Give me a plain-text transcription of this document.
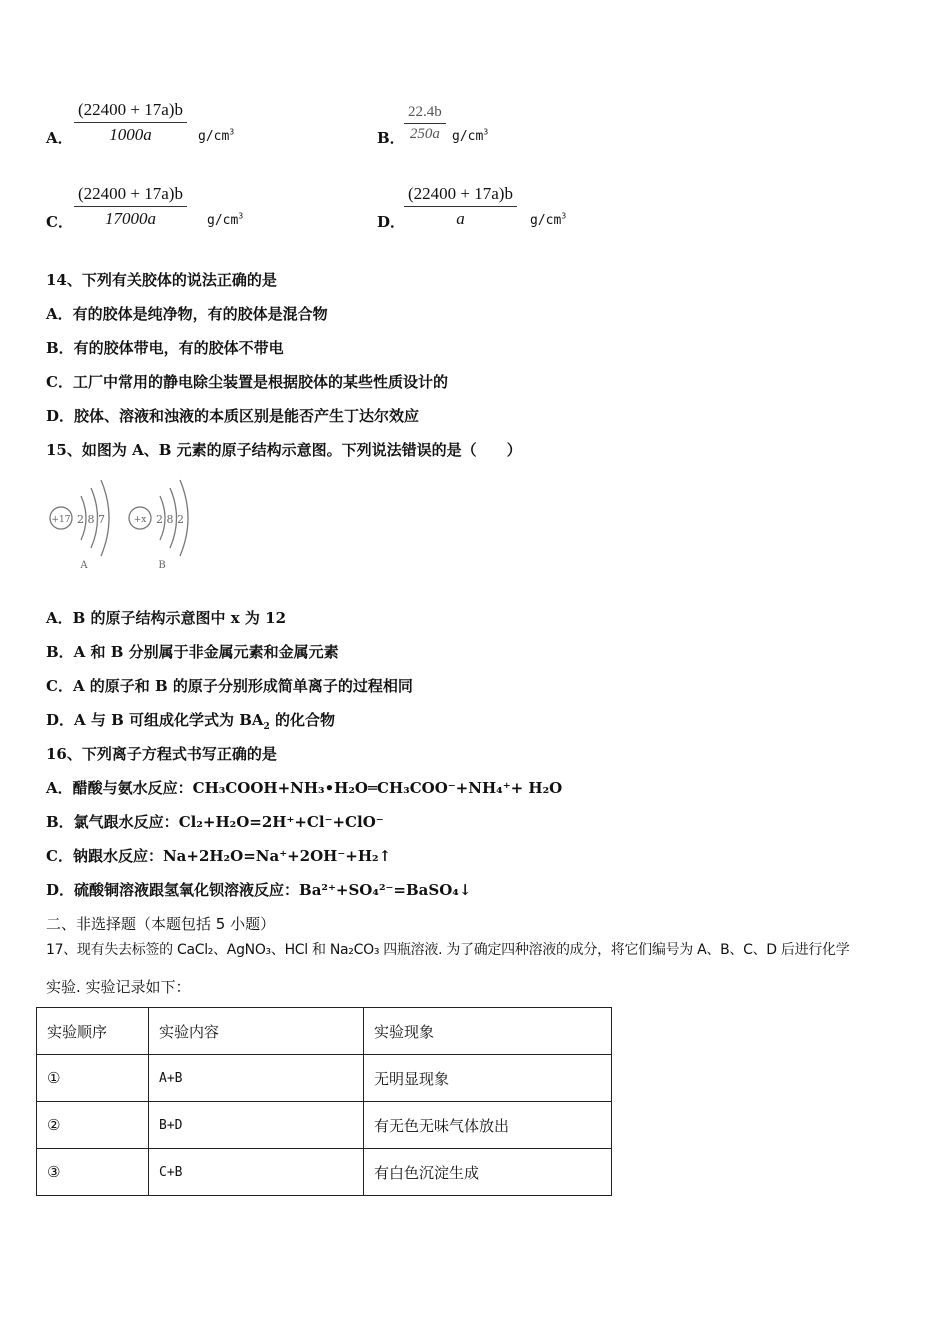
A． $\frac{(22400 + 17a)b}{1000a} g/cm^3$	B． $\frac{22.4b}{250a} g/cm^3$
C． $\frac{(22400 + 17a)b}{17000a} g/cm^3$	D．
$\frac{(22400 + 17a)b}{a} g/cm^3$
14、下列有关胶体的说法正确的是
A．有的胶体是纯净物，有的胶体是混合物
B．有的胶体带电，有的胶体不带电
C．工厂中常用的静电除尘装置是根据胶体的某些性质设计的
D．胶体、溶液和浊液的本质区别是能否产生丁达尔效应
15、如图为 A、B 元素的原子结构示意图。下列说法错误的是（　　）
+17 2 8 7
A
+x 2 8 2
B
A．B 的原子结构示意图中 x 为 12
B．A 和 B 分别属于非金属元素和金属元素
C．A 的原子和 B 的原子分别形成简单离子的过程相同
D．A 与 B 可组成化学式为 $BA_2$ 的化合物
16、下列离子方程式书写正确的是
A．醋酸与氨水反应：CH₃COOH+NH₃•H₂O═CH₃COO⁻+NH₄⁺+ H₂O
B．氯气跟水反应：Cl₂+H₂O=2H⁺+Cl⁻+ClO⁻
C．钠跟水反应：Na+2H₂O=Na⁺+2OH⁻+H₂↑
D．硫酸铜溶液跟氢氧化钡溶液反应：Ba²⁺+SO₄²⁻=BaSO₄↓
二、非选择题（本题包括 5 小题）
17、现有失去标签的 CaCl₂、AgNO₃、HCl 和 Na₂CO₃ 四瓶溶液. 为了确定四种溶液的成分，将它们编号为 A、B、C、D 后进行化学
实验. 实验记录如下：
实验顺序	实验内容	实验现象
①	A+B	无明显现象
②	B+D	有无色无味气体放出
③	C+B	有白色沉淀生成
